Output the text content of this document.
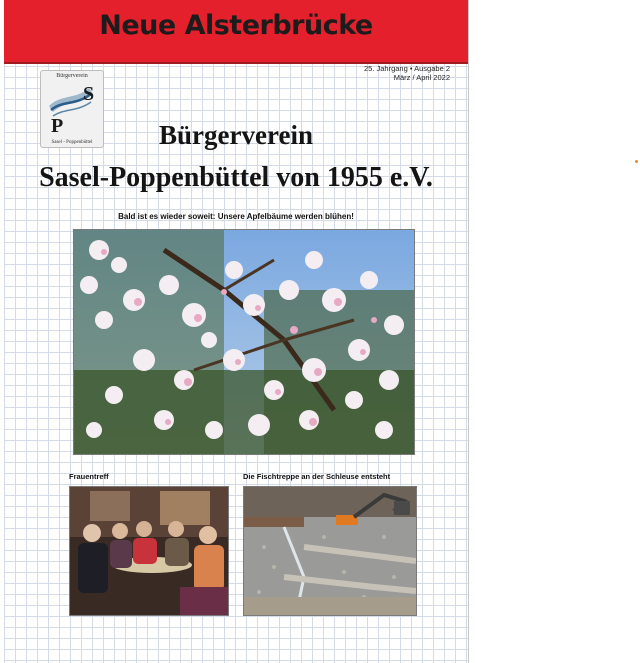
Neue Alsterbrücke
25. Jahrgang • Ausgabe 2
März / April 2022
Bürgerverein
S
P
Sasel - Poppenbüttel	Bürgerverein
Sasel-Poppenbüttel von 1955 e.V.
Bald ist es wieder soweit: Unsere Apfelbäume werden blühen!
Frauentreff	Die Fischtreppe an der Schleuse entsteht
